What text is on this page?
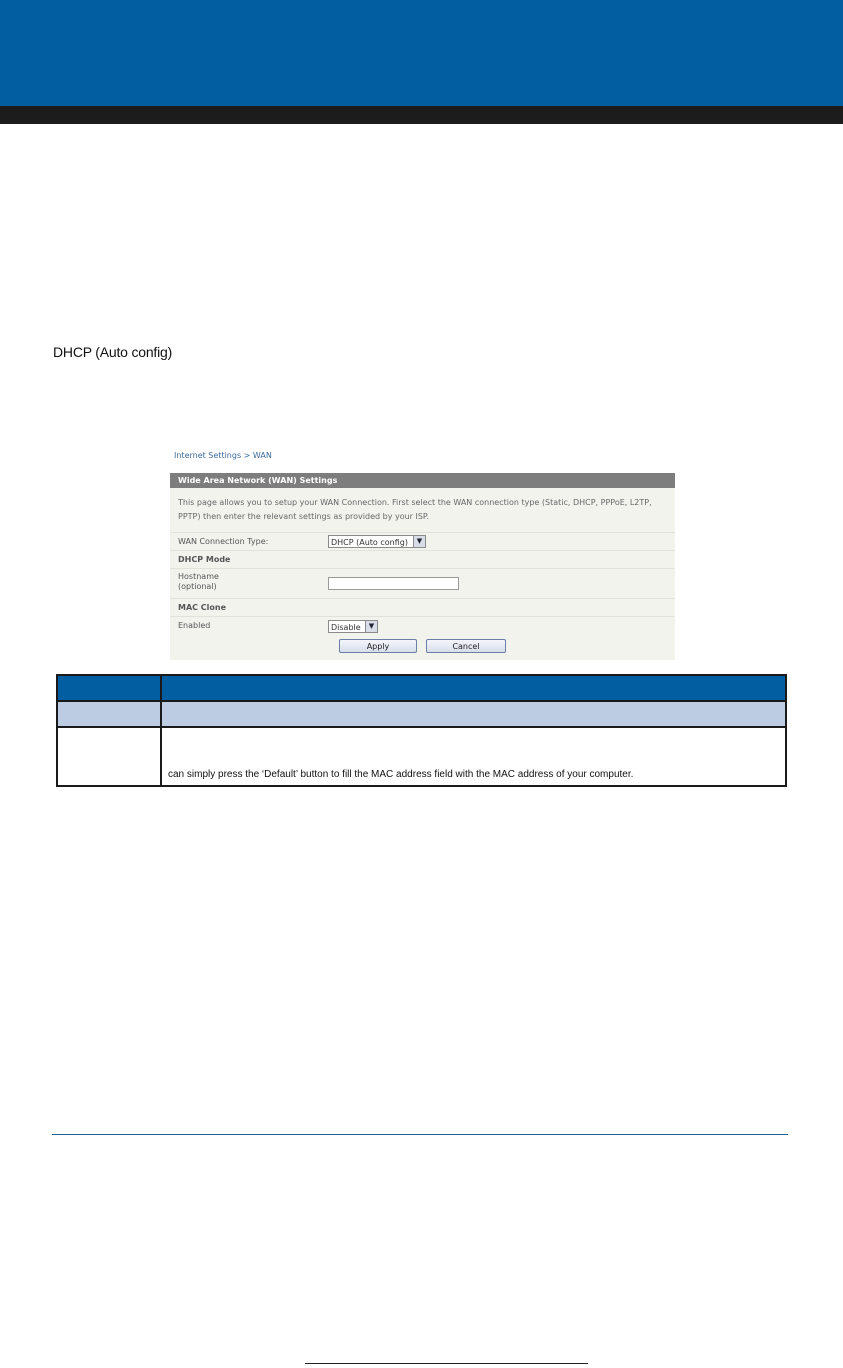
DHCP (Auto config)
Internet Settings > WAN
Wide Area Network (WAN) Settings
This page allows you to setup your WAN Connection. First select the WAN connection type (Static, DHCP, PPPoE, L2TP, PPTP) then enter the relevant settings as provided by your ISP.
WAN Connection Type:	DHCP (Auto config)	▼
DHCP Mode
Hostname
(optional)
MAC Clone
Enabled	Disable	▼
Apply	Cancel

	can simply press the ‘Default’ button to fill the MAC address field with the MAC address of your computer.
